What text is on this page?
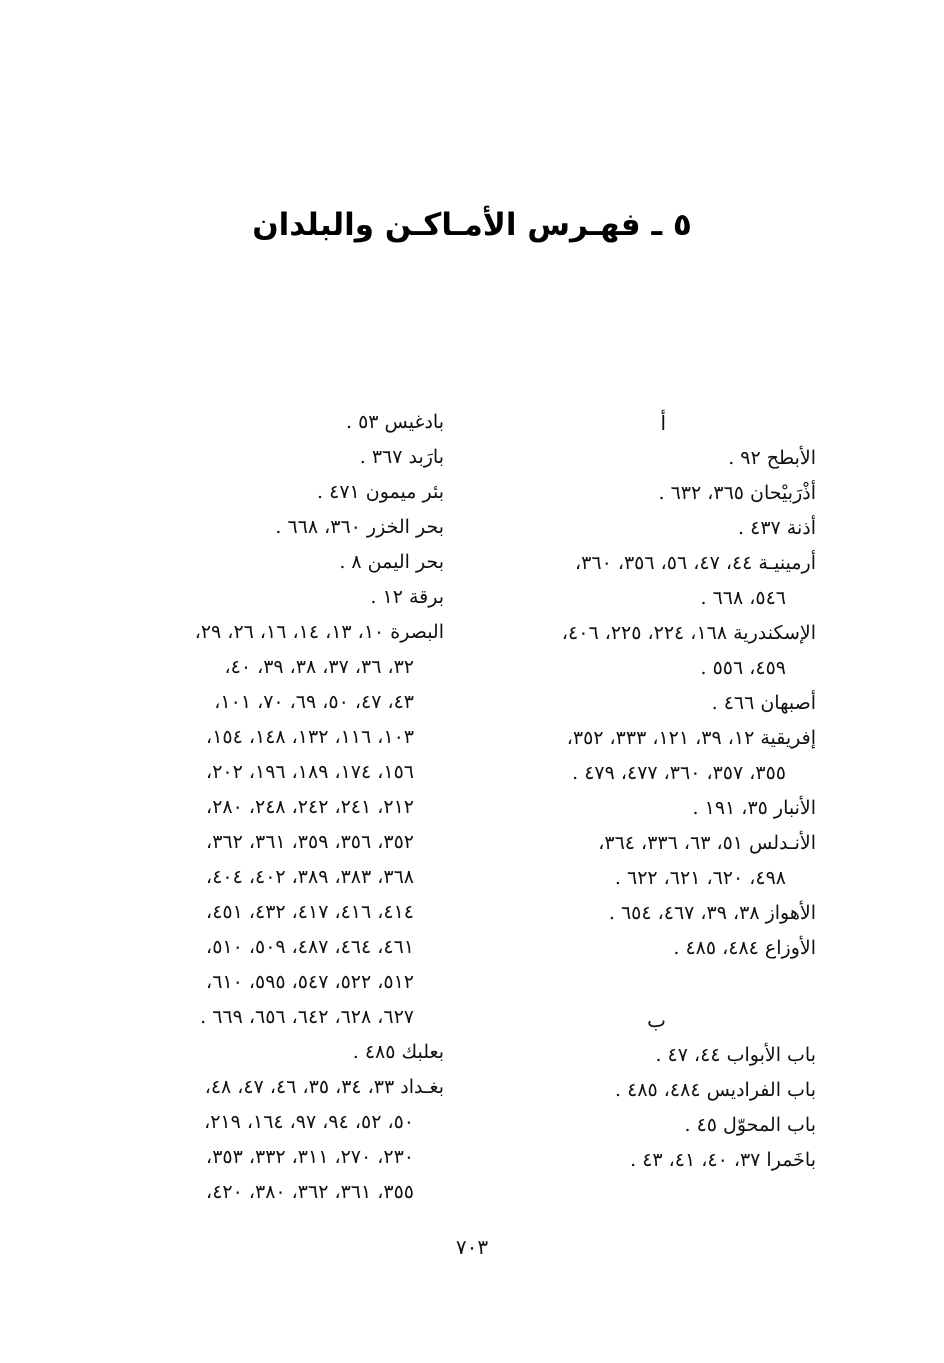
٥ ـ فهـرس الأمـاكـن والبلدان
أ
الأبطح ٩٢ .
أذْرَبيْحان ٣٦٥، ٦٣٢ .
أذنة ٤٣٧ .
أرمينيـة ٤٤، ٤٧، ٥٦، ٣٥٦، ٣٦٠،
٥٤٦، ٦٦٨ .
الإسكندرية ١٦٨، ٢٢٤، ٢٢٥، ٤٠٦،
٤٥٩، ٥٥٦ .
أصبهان ٤٦٦ .
إفريقية ١٢، ٣٩، ١٢١، ٣٣٣، ٣٥٢،
٣٥٥، ٣٥٧، ٣٦٠، ٤٧٧، ٤٧٩ .
الأنبار ٣٥، ١٩١ .
الأنـدلس ٥١، ٦٣، ٣٣٦، ٣٦٤،
٤٩٨، ٦٢٠، ٦٢١، ٦٢٢ .
الأهواز ٣٨، ٣٩، ٤٦٧، ٦٥٤ .
الأوزاع ٤٨٤، ٤٨٥ .
ب
باب الأبواب ٤٤، ٤٧ .
باب الفراديس ٤٨٤، ٤٨٥ .
باب المحوّل ٤٥ .
باخَمرا ٣٧، ٤٠، ٤١، ٤٣ .
بادغيس ٥٣ .
بارَبد ٣٦٧ .
بئر ميمون ٤٧١ .
بحر الخزر ٣٦٠، ٦٦٨ .
بحر اليمن ٨ .
برقة ١٢ .
البصرة ١٠، ١٣، ١٤، ١٦، ٢٦، ٢٩،
٣٢، ٣٦، ٣٧، ٣٨، ٣٩، ٤٠،
٤٣، ٤٧، ٥٠، ٦٩، ٧٠، ١٠١،
١٠٣، ١١٦، ١٣٢، ١٤٨، ١٥٤،
١٥٦، ١٧٤، ١٨٩، ١٩٦، ٢٠٢،
٢١٢، ٢٤١، ٢٤٢، ٢٤٨، ٢٨٠،
٣٥٢، ٣٥٦، ٣٥٩، ٣٦١، ٣٦٢،
٣٦٨، ٣٨٣، ٣٨٩، ٤٠٢، ٤٠٤،
٤١٤، ٤١٦، ٤١٧، ٤٣٢، ٤٥١،
٤٦١، ٤٦٤، ٤٨٧، ٥٠٩، ٥١٠،
٥١٢، ٥٢٢، ٥٤٧، ٥٩٥، ٦١٠،
٦٢٧، ٦٢٨، ٦٤٢، ٦٥٦، ٦٦٩ .
بعلبك ٤٨٥ .
بغـداد ٣٣، ٣٤، ٣٥، ٤٦، ٤٧، ٤٨،
٥٠، ٥٢، ٩٤، ٩٧، ١٦٤، ٢١٩،
٢٣٠، ٢٧٠، ٣١١، ٣٣٢، ٣٥٣،
٣٥٥، ٣٦١، ٣٦٢، ٣٨٠، ٤٢٠،
٧٠٣
